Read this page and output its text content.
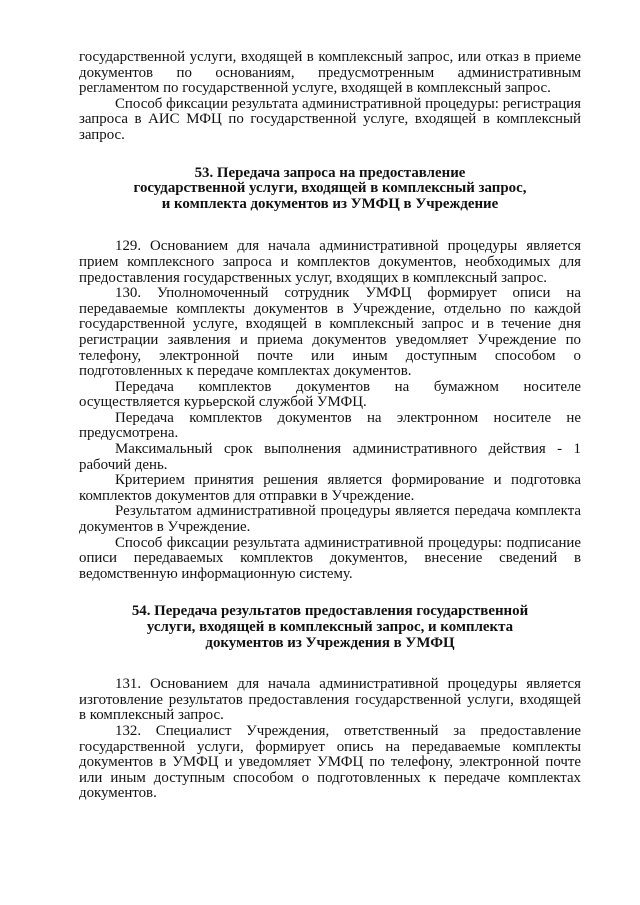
государственной услуги, входящей в комплексный запрос, или отказ в приеме документов по основаниям, предусмотренным административным регламентом по государственной услуге, входящей в комплексный запрос.

Способ фиксации результата административной процедуры: регистрация запроса в АИС МФЦ по государственной услуге, входящей в комплексный запрос.

53. Передача запроса на предоставление
государственной услуги, входящей в комплексный запрос,
и комплекта документов из УМФЦ в Учреждение

129. Основанием для начала административной процедуры является прием комплексного запроса и комплектов документов, необходимых для предоставления государственных услуг, входящих в комплексный запрос.

130. Уполномоченный сотрудник УМФЦ формирует описи на передаваемые комплекты документов в Учреждение, отдельно по каждой государственной услуге, входящей в комплексный запрос и в течение дня регистрации заявления и приема документов уведомляет Учреждение по телефону, электронной почте или иным доступным способом о подготовленных к передаче комплектах документов.

Передача комплектов документов на бумажном носителе осуществляется курьерской службой УМФЦ.

Передача комплектов документов на электронном носителе не предусмотрена.

Максимальный срок выполнения административного действия - 1 рабочий день.

Критерием принятия решения является формирование и подготовка комплектов документов для отправки в Учреждение.

Результатом административной процедуры является передача комплекта документов в Учреждение.

Способ фиксации результата административной процедуры: подписание описи передаваемых комплектов документов, внесение сведений в ведомственную информационную систему.

54. Передача результатов предоставления государственной
услуги, входящей в комплексный запрос, и комплекта
документов из Учреждения в УМФЦ

131. Основанием для начала административной процедуры является изготовление результатов предоставления государственной услуги, входящей в комплексный запрос.

132. Специалист Учреждения, ответственный за предоставление государственной услуги, формирует опись на передаваемые комплекты документов в УМФЦ и уведомляет УМФЦ по телефону, электронной почте или иным доступным способом о подготовленных к передаче комплектах документов.
